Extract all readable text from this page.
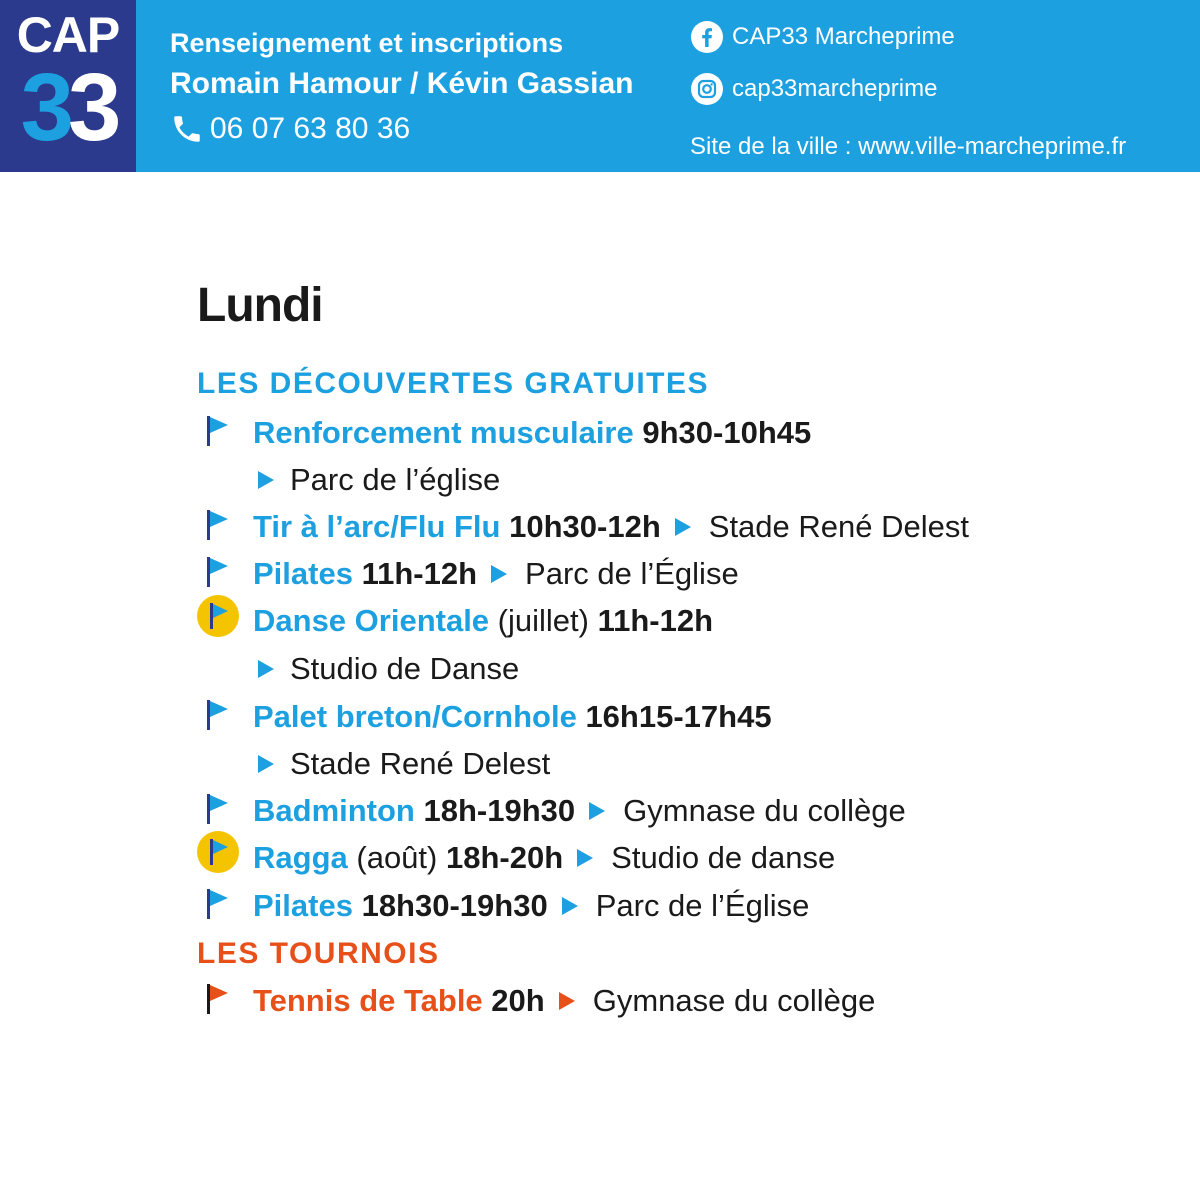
CAP
33
Renseignement et inscriptions
Romain Hamour / Kévin Gassian
06 07 63 80 36
CAP33 Marcheprime
cap33marcheprime
Site de la ville : www.ville-marcheprime.fr
Lundi
LES DÉCOUVERTES GRATUITES
Renforcement musculaire
9h30-10h45
Parc de l’église
Tir à l’arc/Flu Flu
10h30-12h Stade René Delest
Pilates
11h-12h Parc de l’Église
Danse Orientale
(juillet)
11h-12h
Studio de Danse
Palet breton/Cornhole
16h15-17h45
Stade René Delest
Badminton
18h-19h30 Gymnase du collège
Ragga
(août)
18h-20h Studio de danse
Pilates
18h30-19h30 Parc de l’Église
LES TOURNOIS
Tennis de Table
20h Gymnase du collège
